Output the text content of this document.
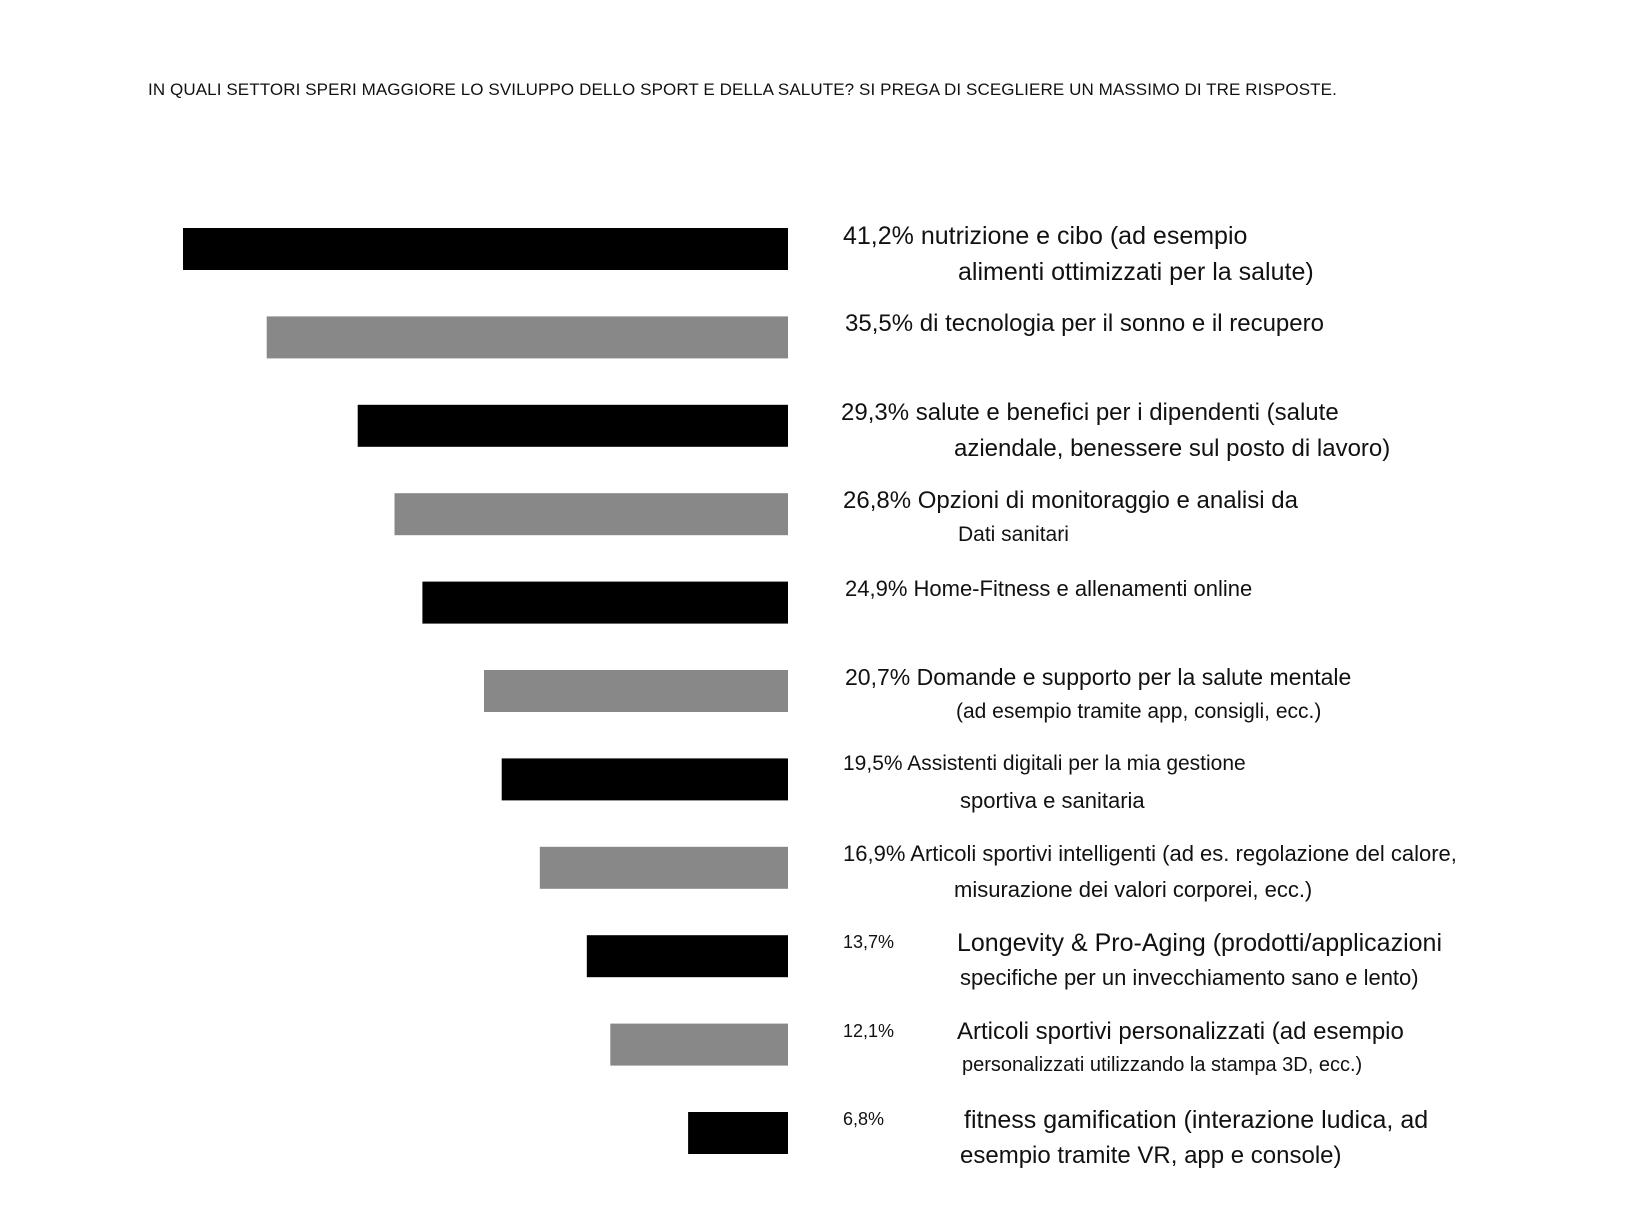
IN QUALI SETTORI SPERI MAGGIORE LO SVILUPPO DELLO SPORT E DELLA SALUTE? SI PREGA DI SCEGLIERE UN MASSIMO DI TRE RISPOSTE.
41,2% nutrizione e cibo (ad esempio
alimenti ottimizzati per la salute)
35,5% di tecnologia per il sonno e il recupero
29,3% salute e benefici per i dipendenti (salute
aziendale, benessere sul posto di lavoro)
26,8% Opzioni di monitoraggio e analisi da
Dati sanitari
24,9% Home-Fitness e allenamenti online
20,7% Domande e supporto per la salute mentale
(ad esempio tramite app, consigli, ecc.)
19,5% Assistenti digitali per la mia gestione
sportiva e sanitaria
16,9% Articoli sportivi intelligenti (ad es. regolazione del calore,
misurazione dei valori corporei, ecc.)
13,7%	Longevity & Pro-Aging (prodotti/applicazioni
specifiche per un invecchiamento sano e lento)
12,1%	Articoli sportivi personalizzati (ad esempio
personalizzati utilizzando la stampa 3D, ecc.)
6,8%	fitness gamification (interazione ludica, ad
esempio tramite VR, app e console)
